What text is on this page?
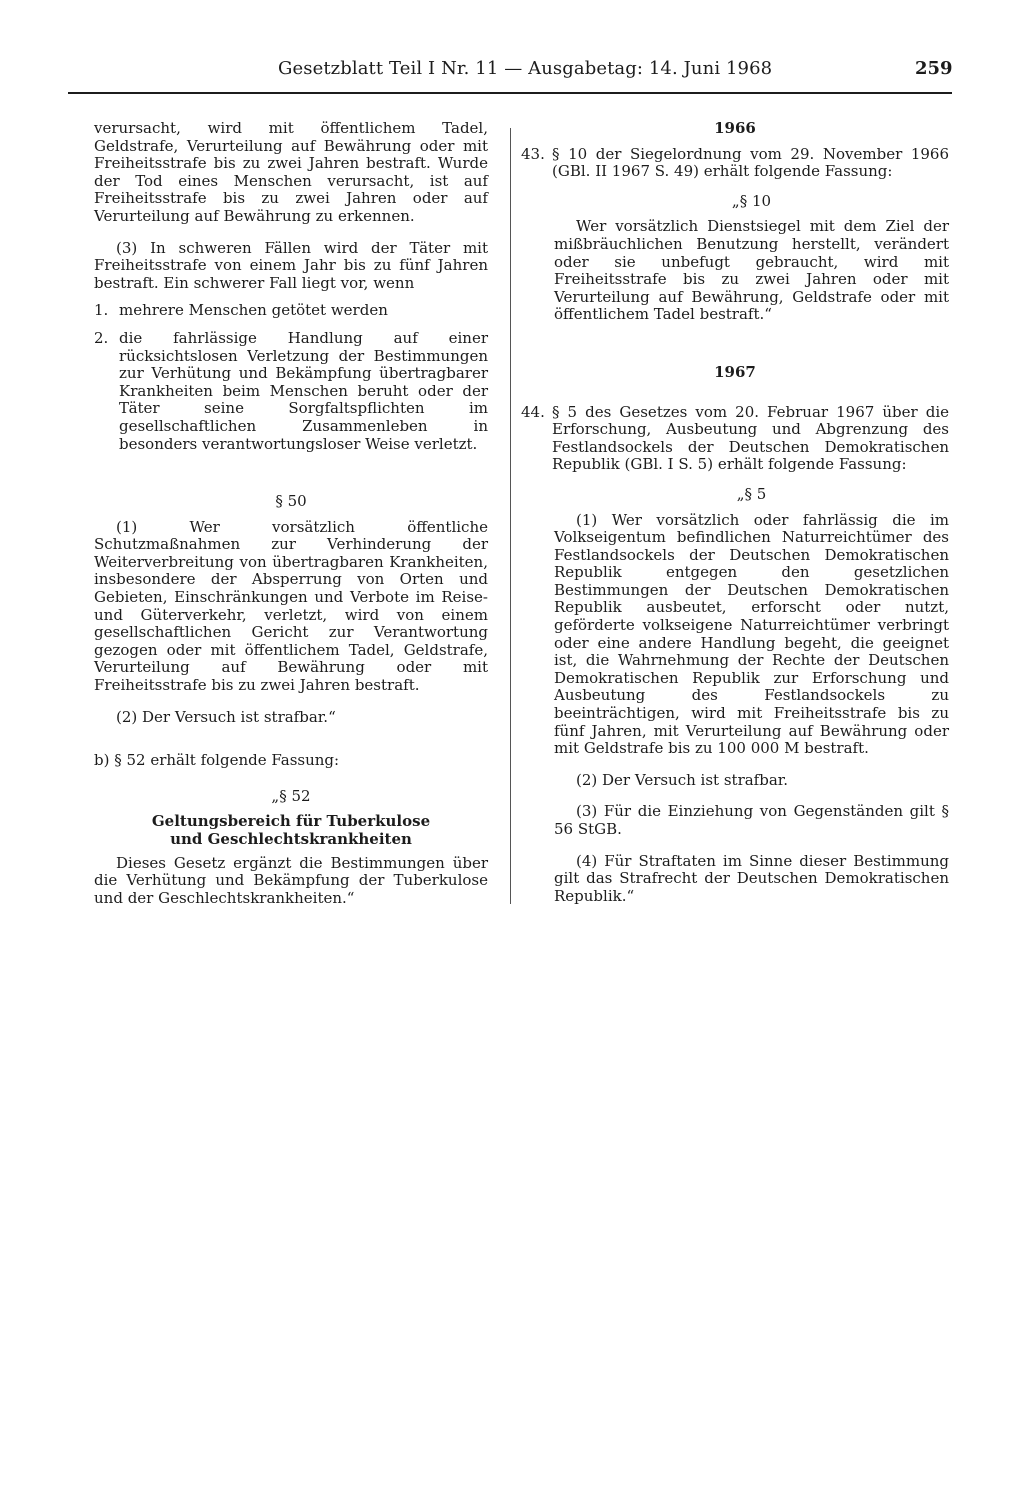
Gesetzblatt Teil I Nr. 11 — Ausgabetag: 14. Juni 1968	259

verursacht, wird mit öffentlichem Tadel, Geldstrafe, Verurteilung auf Bewährung oder mit Freiheitsstrafe bis zu zwei Jahren bestraft. Wurde der Tod eines Menschen verursacht, ist auf Freiheitsstrafe bis zu zwei Jahren oder auf Verurteilung auf Bewährung zu erkennen.

(3) In schweren Fällen wird der Täter mit Freiheitsstrafe von einem Jahr bis zu fünf Jahren bestraft. Ein schwerer Fall liegt vor, wenn

1. mehrere Menschen getötet werden

2. die fahrlässige Handlung auf einer rücksichtslosen Verletzung der Bestimmungen zur Verhütung und Bekämpfung übertragbarer Krankheiten beim Menschen beruht oder der Täter seine Sorgfaltspflichten im gesellschaftlichen Zusammenleben in besonders verantwortungsloser Weise verletzt.

§ 50

(1) Wer vorsätzlich öffentliche Schutzmaßnahmen zur Verhinderung der Weiterverbreitung von übertragbaren Krankheiten, insbesondere der Absperrung von Orten und Gebieten, Einschränkungen und Verbote im Reise- und Güterverkehr, verletzt, wird von einem gesellschaftlichen Gericht zur Verantwortung gezogen oder mit öffentlichem Tadel, Geldstrafe, Verurteilung auf Bewährung oder mit Freiheitsstrafe bis zu zwei Jahren bestraft.

(2) Der Versuch ist strafbar.“

b) § 52 erhält folgende Fassung:

„§ 52

Geltungsbereich für Tuberkulose

und Geschlechtskrankheiten

Dieses Gesetz ergänzt die Bestimmungen über die Verhütung und Bekämpfung der Tuberkulose und der Geschlechtskrankheiten.“

1966

43. § 10 der Siegelordnung vom 29. November 1966 (GBl. II 1967 S. 49) erhält folgende Fassung:

„§ 10

Wer vorsätzlich Dienstsiegel mit dem Ziel der mißbräuchlichen Benutzung herstellt, verändert oder sie unbefugt gebraucht, wird mit Freiheitsstrafe bis zu zwei Jahren oder mit Verurteilung auf Bewährung, Geldstrafe oder mit öffentlichem Tadel bestraft.“

1967

44. § 5 des Gesetzes vom 20. Februar 1967 über die Erforschung, Ausbeutung und Abgrenzung des Festlandsockels der Deutschen Demokratischen Republik (GBl. I S. 5) erhält folgende Fassung:

„§ 5

(1) Wer vorsätzlich oder fahrlässig die im Volkseigentum befindlichen Naturreichtümer des Festlandsockels der Deutschen Demokratischen Republik entgegen den gesetzlichen Bestimmungen der Deutschen Demokratischen Republik ausbeutet, erforscht oder nutzt, geförderte volkseigene Naturreichtümer verbringt oder eine andere Handlung begeht, die geeignet ist, die Wahrnehmung der Rechte der Deutschen Demokratischen Republik zur Erforschung und Ausbeutung des Festlandsockels zu beeinträchtigen, wird mit Freiheitsstrafe bis zu fünf Jahren, mit Verurteilung auf Bewährung oder mit Geldstrafe bis zu 100 000 M bestraft.

(2) Der Versuch ist strafbar.

(3) Für die Einziehung von Gegenständen gilt § 56 StGB.

(4) Für Straftaten im Sinne dieser Bestimmung gilt das Strafrecht der Deutschen Demokratischen Republik.“
